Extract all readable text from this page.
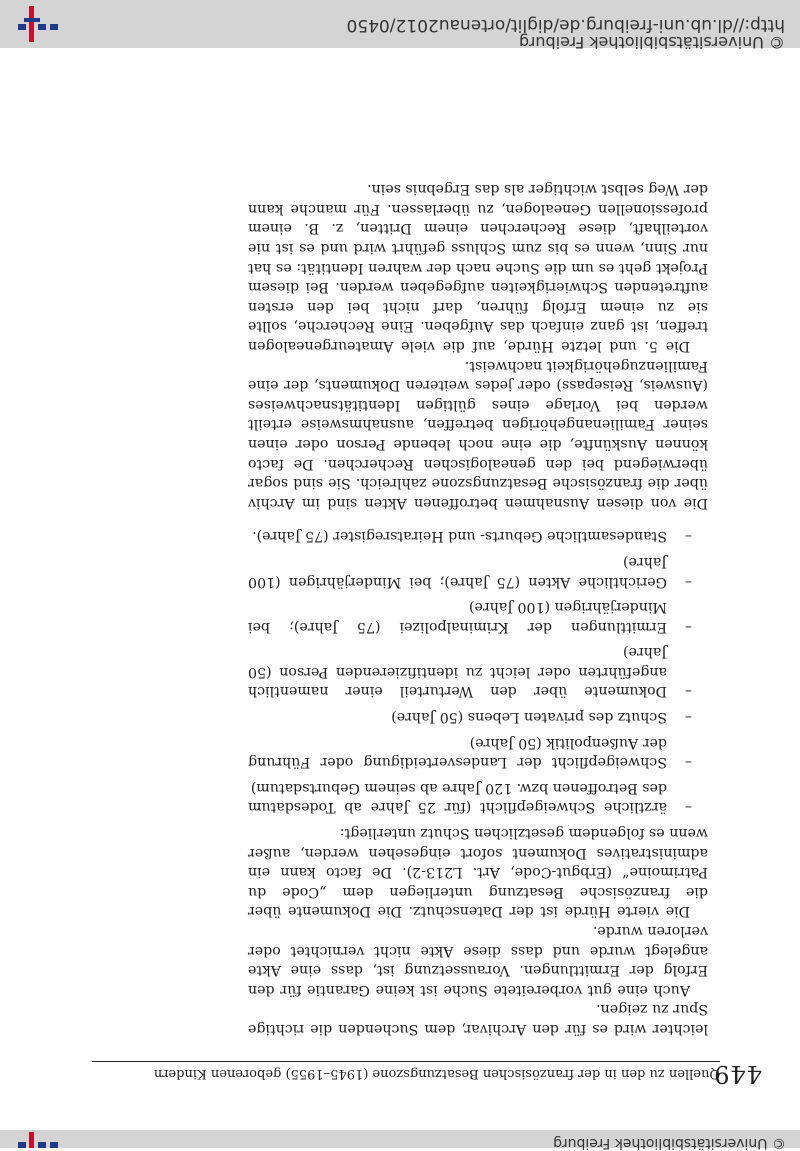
© Universitätsbibliothek Freiburg
449
Quellen zu den in der französischen Besatzungszone (1945–1955) geborenen Kindern

leichter wird es für den Archivar, dem Suchenden die richtige Spur zu zeigen.

Auch eine gut vorbereitete Suche ist keine Garantie für den Erfolg der Ermittlungen. Voraussetzung ist, dass eine Akte angelegt wurde und dass diese Akte nicht vernichtet oder verloren wurde.

Die vierte Hürde ist der Datenschutz. Die Dokumente über die französische Besatzung unterliegen dem „Code du Patrimoine“ (Erbgut-Code, Art. L213-2). De facto kann ein administratives Dokument sofort eingesehen werden, außer wenn es folgendem gesetzlichen Schutz unterliegt:

– ärztliche Schweigepflicht (für 25 Jahre ab Todesdatum des Betroffenen bzw. 120 Jahre ab seinem Geburtsdatum)
– Schweigepflicht der Landesverteidigung oder Führung der Außenpolitik (50 Jahre)
– Schutz des privaten Lebens (50 Jahre)
– Dokumente über den Werturteil einer namentlich angeführten oder leicht zu identifizierenden Person (50 Jahre)
– Ermittlungen der Kriminalpolizei (75 Jahre); bei Minderjährigen (100 Jahre)
– Gerichtliche Akten (75 Jahre); bei Minderjährigen (100 Jahre)
– Standesamtliche Geburts- und Heiratsregister (75 Jahre).

Die von diesen Ausnahmen betroffenen Akten sind im Archiv über die französische Besatzungszone zahlreich. Sie sind sogar überwiegend bei den genealogischen Recherchen. De facto können Auskünfte, die eine noch lebende Person oder einen seiner Familienangehörigen betreffen, ausnahmsweise erteilt werden bei Vorlage eines gültigen Identitätsnachweises (Ausweis, Reisepass) oder jedes weiteren Dokuments, der eine Familienzugehörigkeit nachweist.

Die 5. und letzte Hürde, auf die viele Amateurgenealogen treffen, ist ganz einfach das Aufgeben. Eine Recherche, sollte sie zu einem Erfolg führen, darf nicht bei den ersten auftretenden Schwierigkeiten aufgegeben werden. Bei diesem Projekt geht es um die Suche nach der wahren Identität: es hat nur Sinn, wenn es bis zum Schluss geführt wird und es ist nie vorteilhaft, diese Recherchen einem Dritten, z. B. einem professionellen Genealogen, zu überlassen. Für manche kann der Weg selbst wichtiger als das Ergebnis sein.

© Universitätsbibliothek Freiburg
http://dl.ub.uni-freiburg.de/diglit/ortenau2012/0450
